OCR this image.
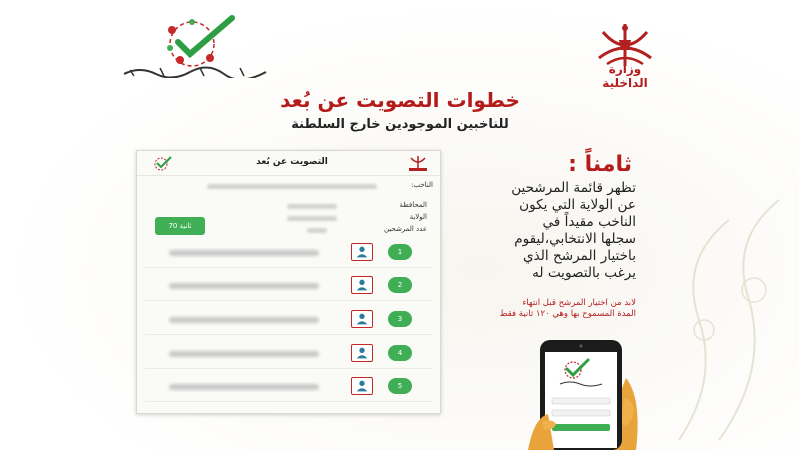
وزارة الداخلية
خطوات التصويت عن بُعد
للناخبين الموجودين خارج السلطنة
ثامناً :
تظهر قائمة المرشحين
عن الولاية التي يكون
الناخب مقيداً في
سجلها الانتخابي،ليقوم
باختيار المرشح الذي
يرغب بالتصويت له
لابد من اختيار المرشح قبل انتهاء
المدة المسموح بها وهي ١٢٠ ثانية فقط
التصويت عن بُعد
الناخب:
المحافظة
الولاية
عدد المرشحين
70 ثانية
1
2
3
4
5
